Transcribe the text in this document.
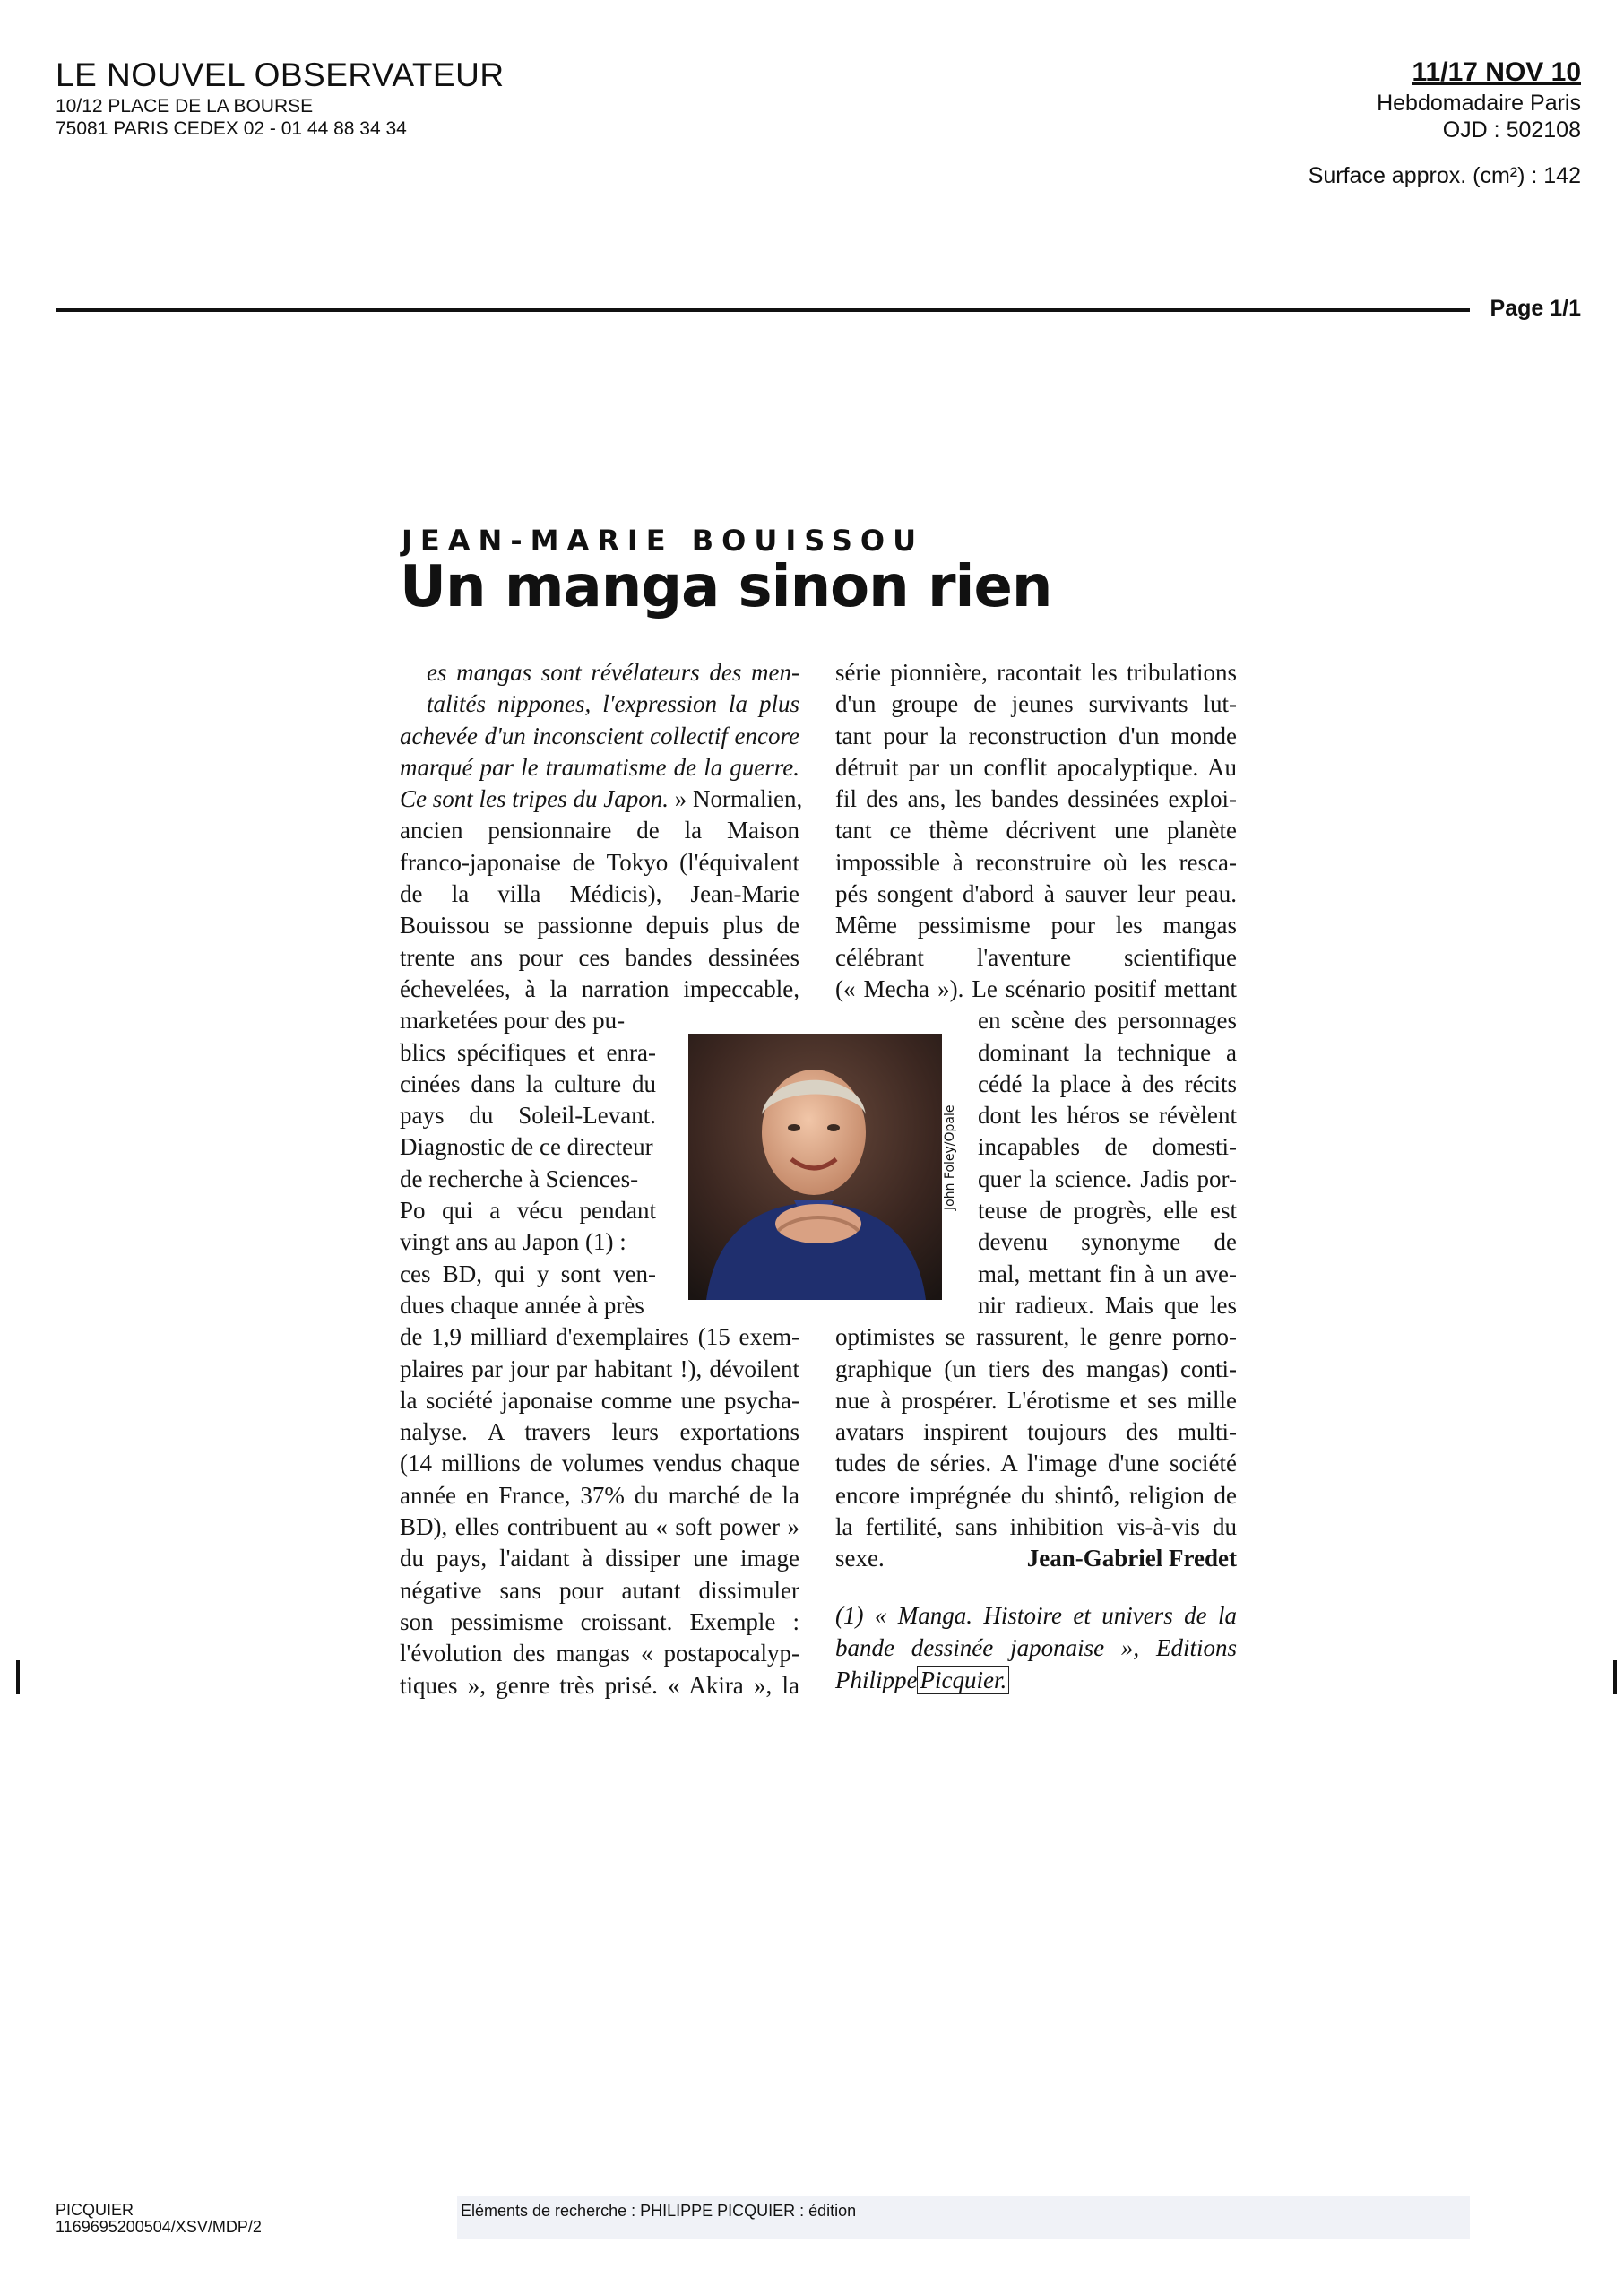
LE NOUVEL OBSERVATEUR
10/12 PLACE DE LA BOURSE
75081 PARIS CEDEX 02 - 01 44 88 34 34
11/17 NOV 10
Hebdomadaire Paris
OJD : 502108
Surface approx. (cm²) : 142
Page 1/1
JEAN-MARIE BOUISSOU
Un manga sinon rien
es mangas sont révélateurs des men-
talités nippones, l'expression la plus
achevée d'un inconscient collectif encore
marqué par le traumatisme de la guerre.
Ce sont les tripes du Japon. » Normalien,
ancien pensionnaire de la Maison
franco-japonaise de Tokyo (l'équivalent
de la villa Médicis), Jean-Marie
Bouissou se passionne depuis plus de
trente ans pour ces bandes dessinées
échevelées, à la narration impeccable,
marketées pour des pu-
blics spécifiques et enra-
cinées dans la culture du
pays du Soleil-Levant.
Diagnostic de ce directeur
de recherche à Sciences-
Po qui a vécu pendant
vingt ans au Japon (1) :
ces BD, qui y sont ven-
dues chaque année à près
de 1,9 milliard d'exemplaires (15 exem-
plaires par jour par habitant !), dévoilent
la société japonaise comme une psycha-
nalyse. A travers leurs exportations
(14 millions de volumes vendus chaque
année en France, 37% du marché de la
BD), elles contribuent au « soft power »
du pays, l'aidant à dissiper une image
négative sans pour autant dissimuler
son pessimisme croissant. Exemple :
l'évolution des mangas « postapocalyp-
tiques », genre très prisé. « Akira », la
série pionnière, racontait les tribulations
d'un groupe de jeunes survivants lut-
tant pour la reconstruction d'un monde
détruit par un conflit apocalyptique. Au
fil des ans, les bandes dessinées exploi-
tant ce thème décrivent une planète
impossible à reconstruire où les resca-
pés songent d'abord à sauver leur peau.
Même pessimisme pour les mangas
célébrant l'aventure scientifique
(« Mecha »). Le scénario positif mettant
en scène des personnages
dominant la technique a
cédé la place à des récits
dont les héros se révèlent
incapables de domesti-
quer la science. Jadis por-
teuse de progrès, elle est
devenu synonyme de
mal, mettant fin à un ave-
nir radieux. Mais que les
optimistes se rassurent, le genre porno-
graphique (un tiers des mangas) conti-
nue à prospérer. L'érotisme et ses mille
avatars inspirent toujours des multi-
tudes de séries. A l'image d'une société
encore imprégnée du shintô, religion de
la fertilité, sans inhibition vis-à-vis du
sexe.	Jean-Gabriel Fredet
(1) « Manga. Histoire et univers de la
bande dessinée japonaise », Editions
Philippe Picquier.
John Foley/Opale
PICQUIER
1169695200504/XSV/MDP/2
Eléments de recherche : PHILIPPE PICQUIER : édition
